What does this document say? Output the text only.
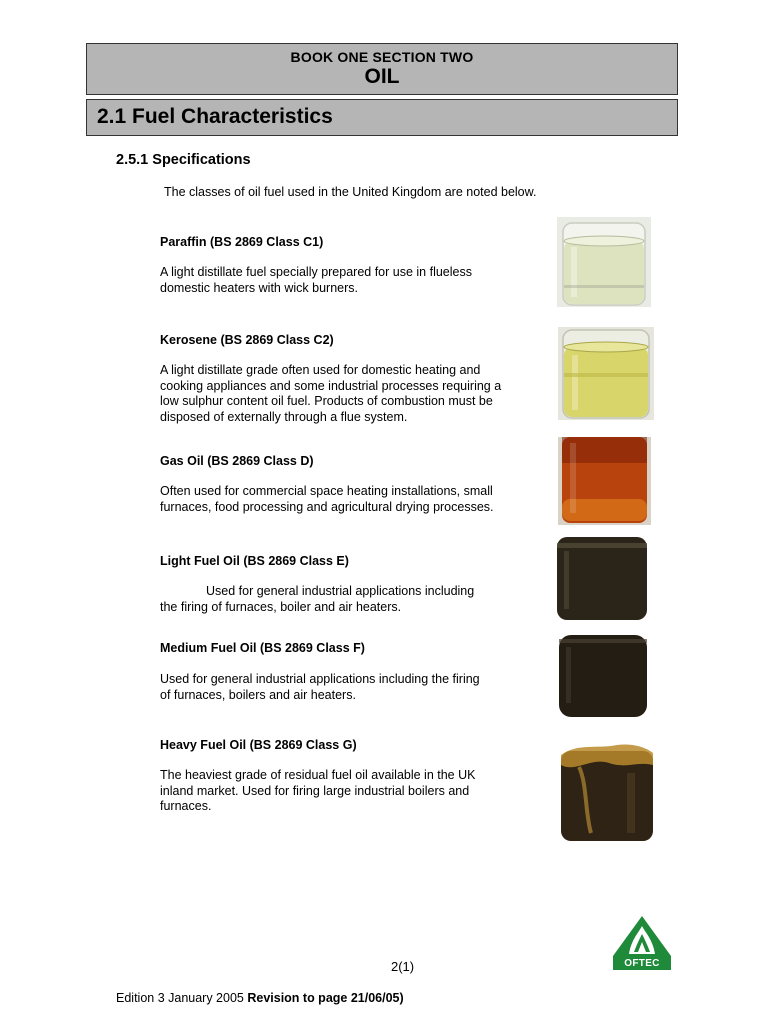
BOOK ONE SECTION TWO
OIL
2.1 Fuel Characteristics
2.5.1 Specifications
The classes of oil fuel used in the United Kingdom are noted below.
Paraffin (BS 2869 Class C1)
A light distillate fuel specially prepared for use in flueless domestic heaters with wick burners.
Kerosene (BS 2869 Class C2)
A light distillate grade often used for domestic heating and cooking appliances and some industrial processes requiring a low sulphur content oil fuel. Products of combustion must be disposed of externally through a flue system.
Gas Oil (BS 2869 Class D)
Often used for commercial space heating installations, small furnaces, food processing and agricultural drying processes.
Light Fuel Oil (BS 2869 Class E)
Used for general industrial applications including the firing of furnaces, boiler and air heaters.
Medium Fuel Oil (BS 2869 Class F)
Used for general industrial applications including the firing of furnaces, boilers and air heaters.
Heavy Fuel Oil (BS 2869 Class G)
The heaviest grade of residual fuel oil available in the UK inland market. Used for firing large industrial boilers and furnaces.
2(1)
Edition 3 January 2005 Revision to page 21/06/05)
OFTEC
